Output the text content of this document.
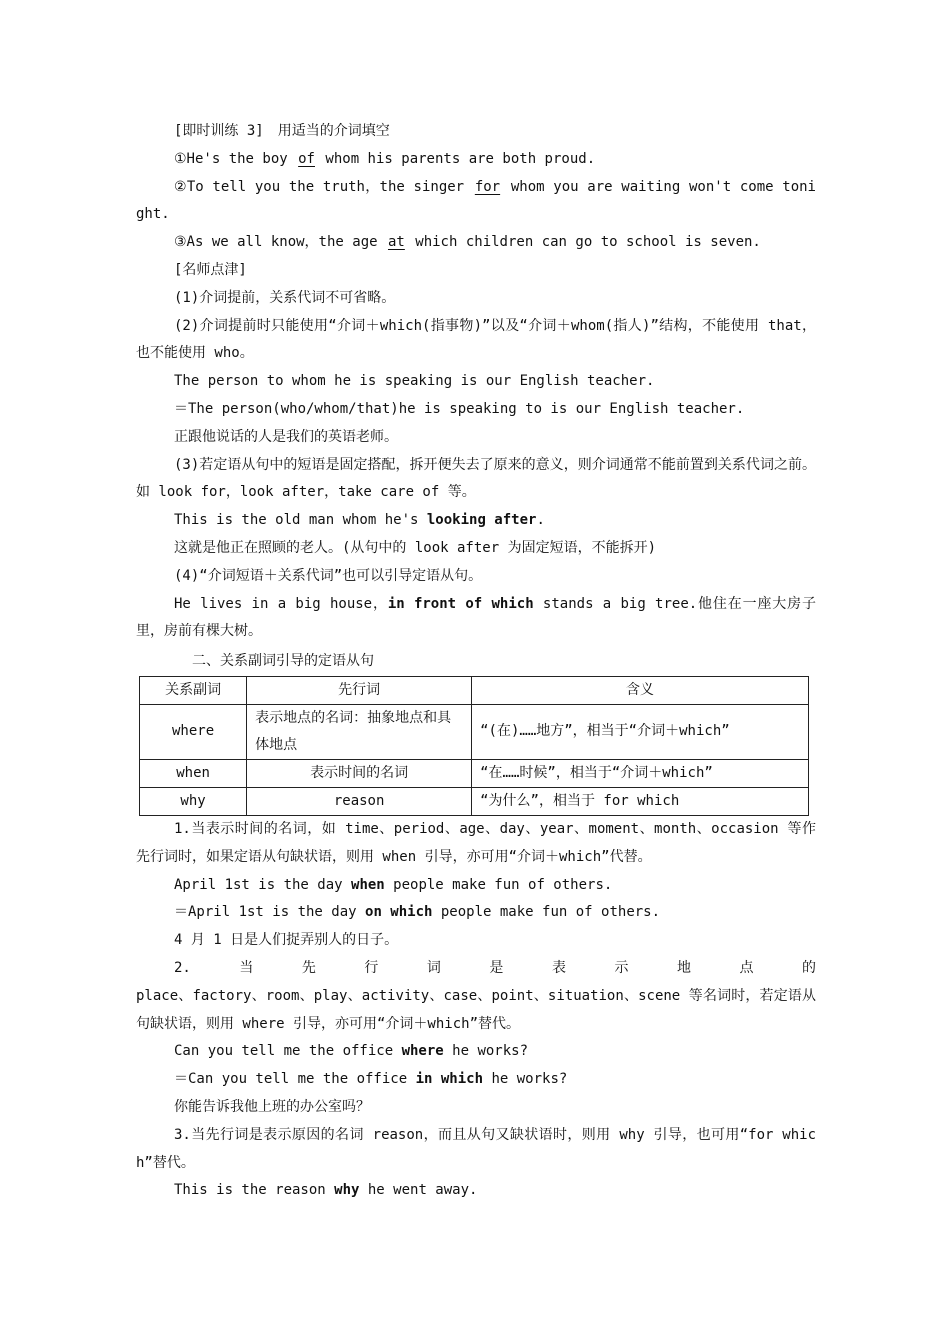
[即时训练 3]　用适当的介词填空

①He's the boy of whom his parents are both proud.

②To tell you the truth，the singer for whom you are waiting won't come tonight.

③As we all know，the age at which children can go to school is seven.

[名师点津]

(1)介词提前，关系代词不可省略。

(2)介词提前时只能使用“介词＋which(指事物)”以及“介词＋whom(指人)”结构，不能使用 that，也不能使用 who。

The person to whom he is speaking is our English teacher.

＝The person(who/whom/that)he is speaking to is our English teacher.

正跟他说话的人是我们的英语老师。

(3)若定语从句中的短语是固定搭配，拆开便失去了原来的意义，则介词通常不能前置到关系代词之前。如 look for，look after，take care of 等。

This is the old man whom he's looking after.

这就是他正在照顾的老人。(从句中的 look after 为固定短语，不能拆开)

(4)“介词短语＋关系代词”也可以引导定语从句。

He lives in a big house，in front of which stands a big tree.他住在一座大房子里，房前有棵大树。

二、关系副词引导的定语从句

关系副词	先行词	含义
where	表示地点的名词：抽象地点和具体地点	“(在)……地方”，相当于“介词＋which”
when	表示时间的名词	“在……时候”，相当于“介词＋which”
why	reason	“为什么”，相当于 for which

1.当表示时间的名词，如 time、period、age、day、year、moment、month、occasion 等作先行词时，如果定语从句缺状语，则用 when 引导，亦可用“介词＋which”代替。

April 1st is the day when people make fun of others.

＝April 1st is the day on which people make fun of others.

4 月 1 日是人们捉弄别人的日子。

2.当先行词是表示地点的

place、factory、room、play、activity、case、point、situation、scene 等名词时，若定语从句缺状语，则用 where 引导，亦可用“介词＋which”替代。

Can you tell me the office where he works?

＝Can you tell me the office in which he works?

你能告诉我他上班的办公室吗？

3.当先行词是表示原因的名词 reason，而且从句又缺状语时，则用 why 引导，也可用“for which”替代。

This is the reason why he went away.
